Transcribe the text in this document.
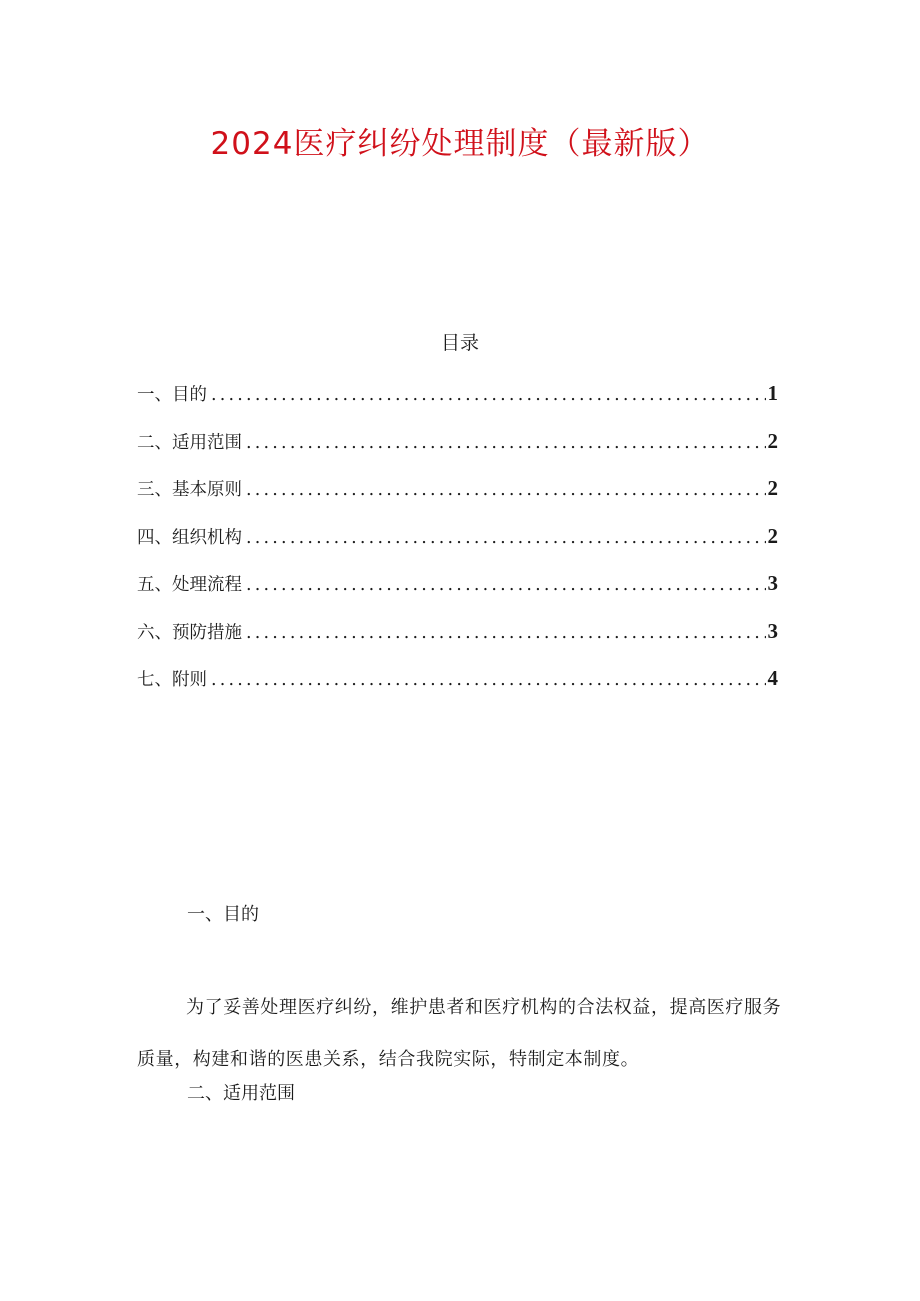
2024医疗纠纷处理制度（最新版）
目录
一、目的 .....	1
二、适用范围 .....	2
三、基本原则 .....	2
四、组织机构 .....	2
五、处理流程 .....	3
六、预防措施 .....	3
七、附则 .....	4
一、目的
为了妥善处理医疗纠纷，维护患者和医疗机构的合法权益，提高医疗服务质量，构建和谐的医患关系，结合我院实际，特制定本制度。
二、适用范围
